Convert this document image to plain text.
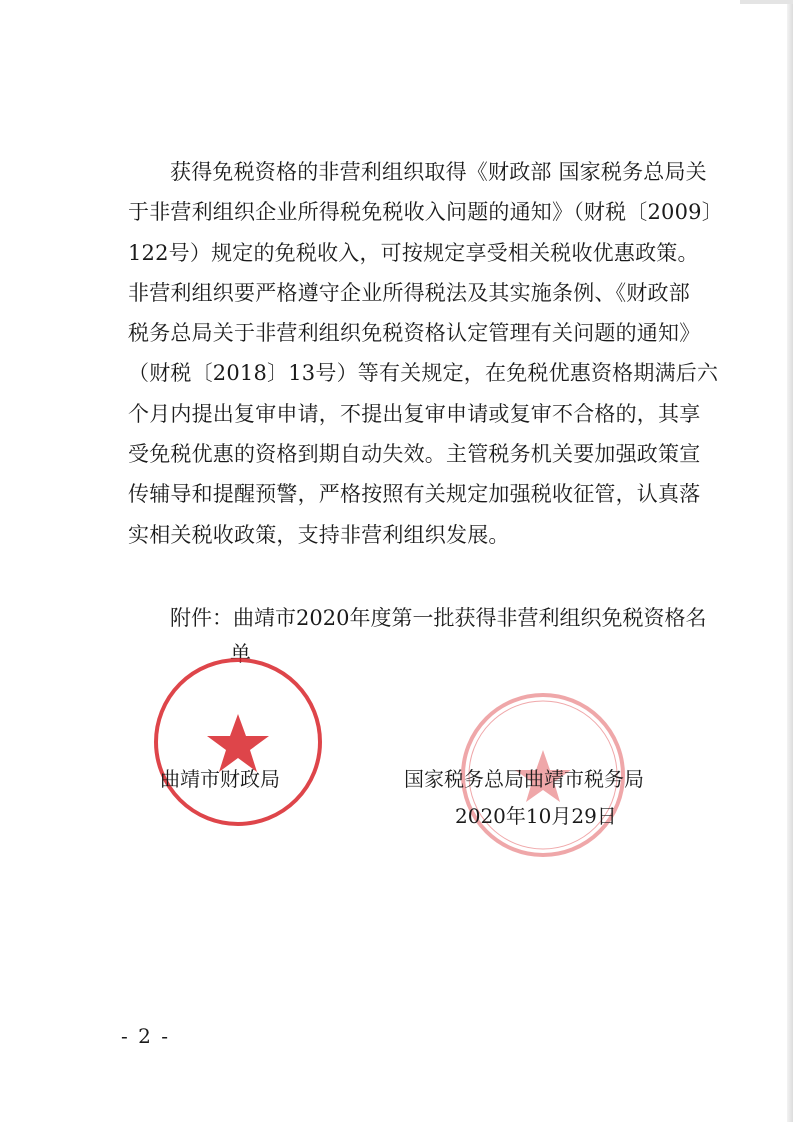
获得免税资格的非营利组织取得《财政部 国家税务总局关
于非营利组织企业所得税免税收入问题的通知》（财税〔2009〕
122号）规定的免税收入，可按规定享受相关税收优惠政策。
非营利组织要严格遵守企业所得税法及其实施条例、《财政部
税务总局关于非营利组织免税资格认定管理有关问题的通知》
（财税〔2018〕13号）等有关规定，在免税优惠资格期满后六
个月内提出复审申请，不提出复审申请或复审不合格的，其享
受免税优惠的资格到期自动失效。主管税务机关要加强政策宣
传辅导和提醒预警，严格按照有关规定加强税收征管，认真落
实相关税收政策，支持非营利组织发展。

附件：曲靖市2020年度第一批获得非营利组织免税资格名
单
曲靖市财政局	国家税务总局曲靖市税务局
2020年10月29日
- 2 -
